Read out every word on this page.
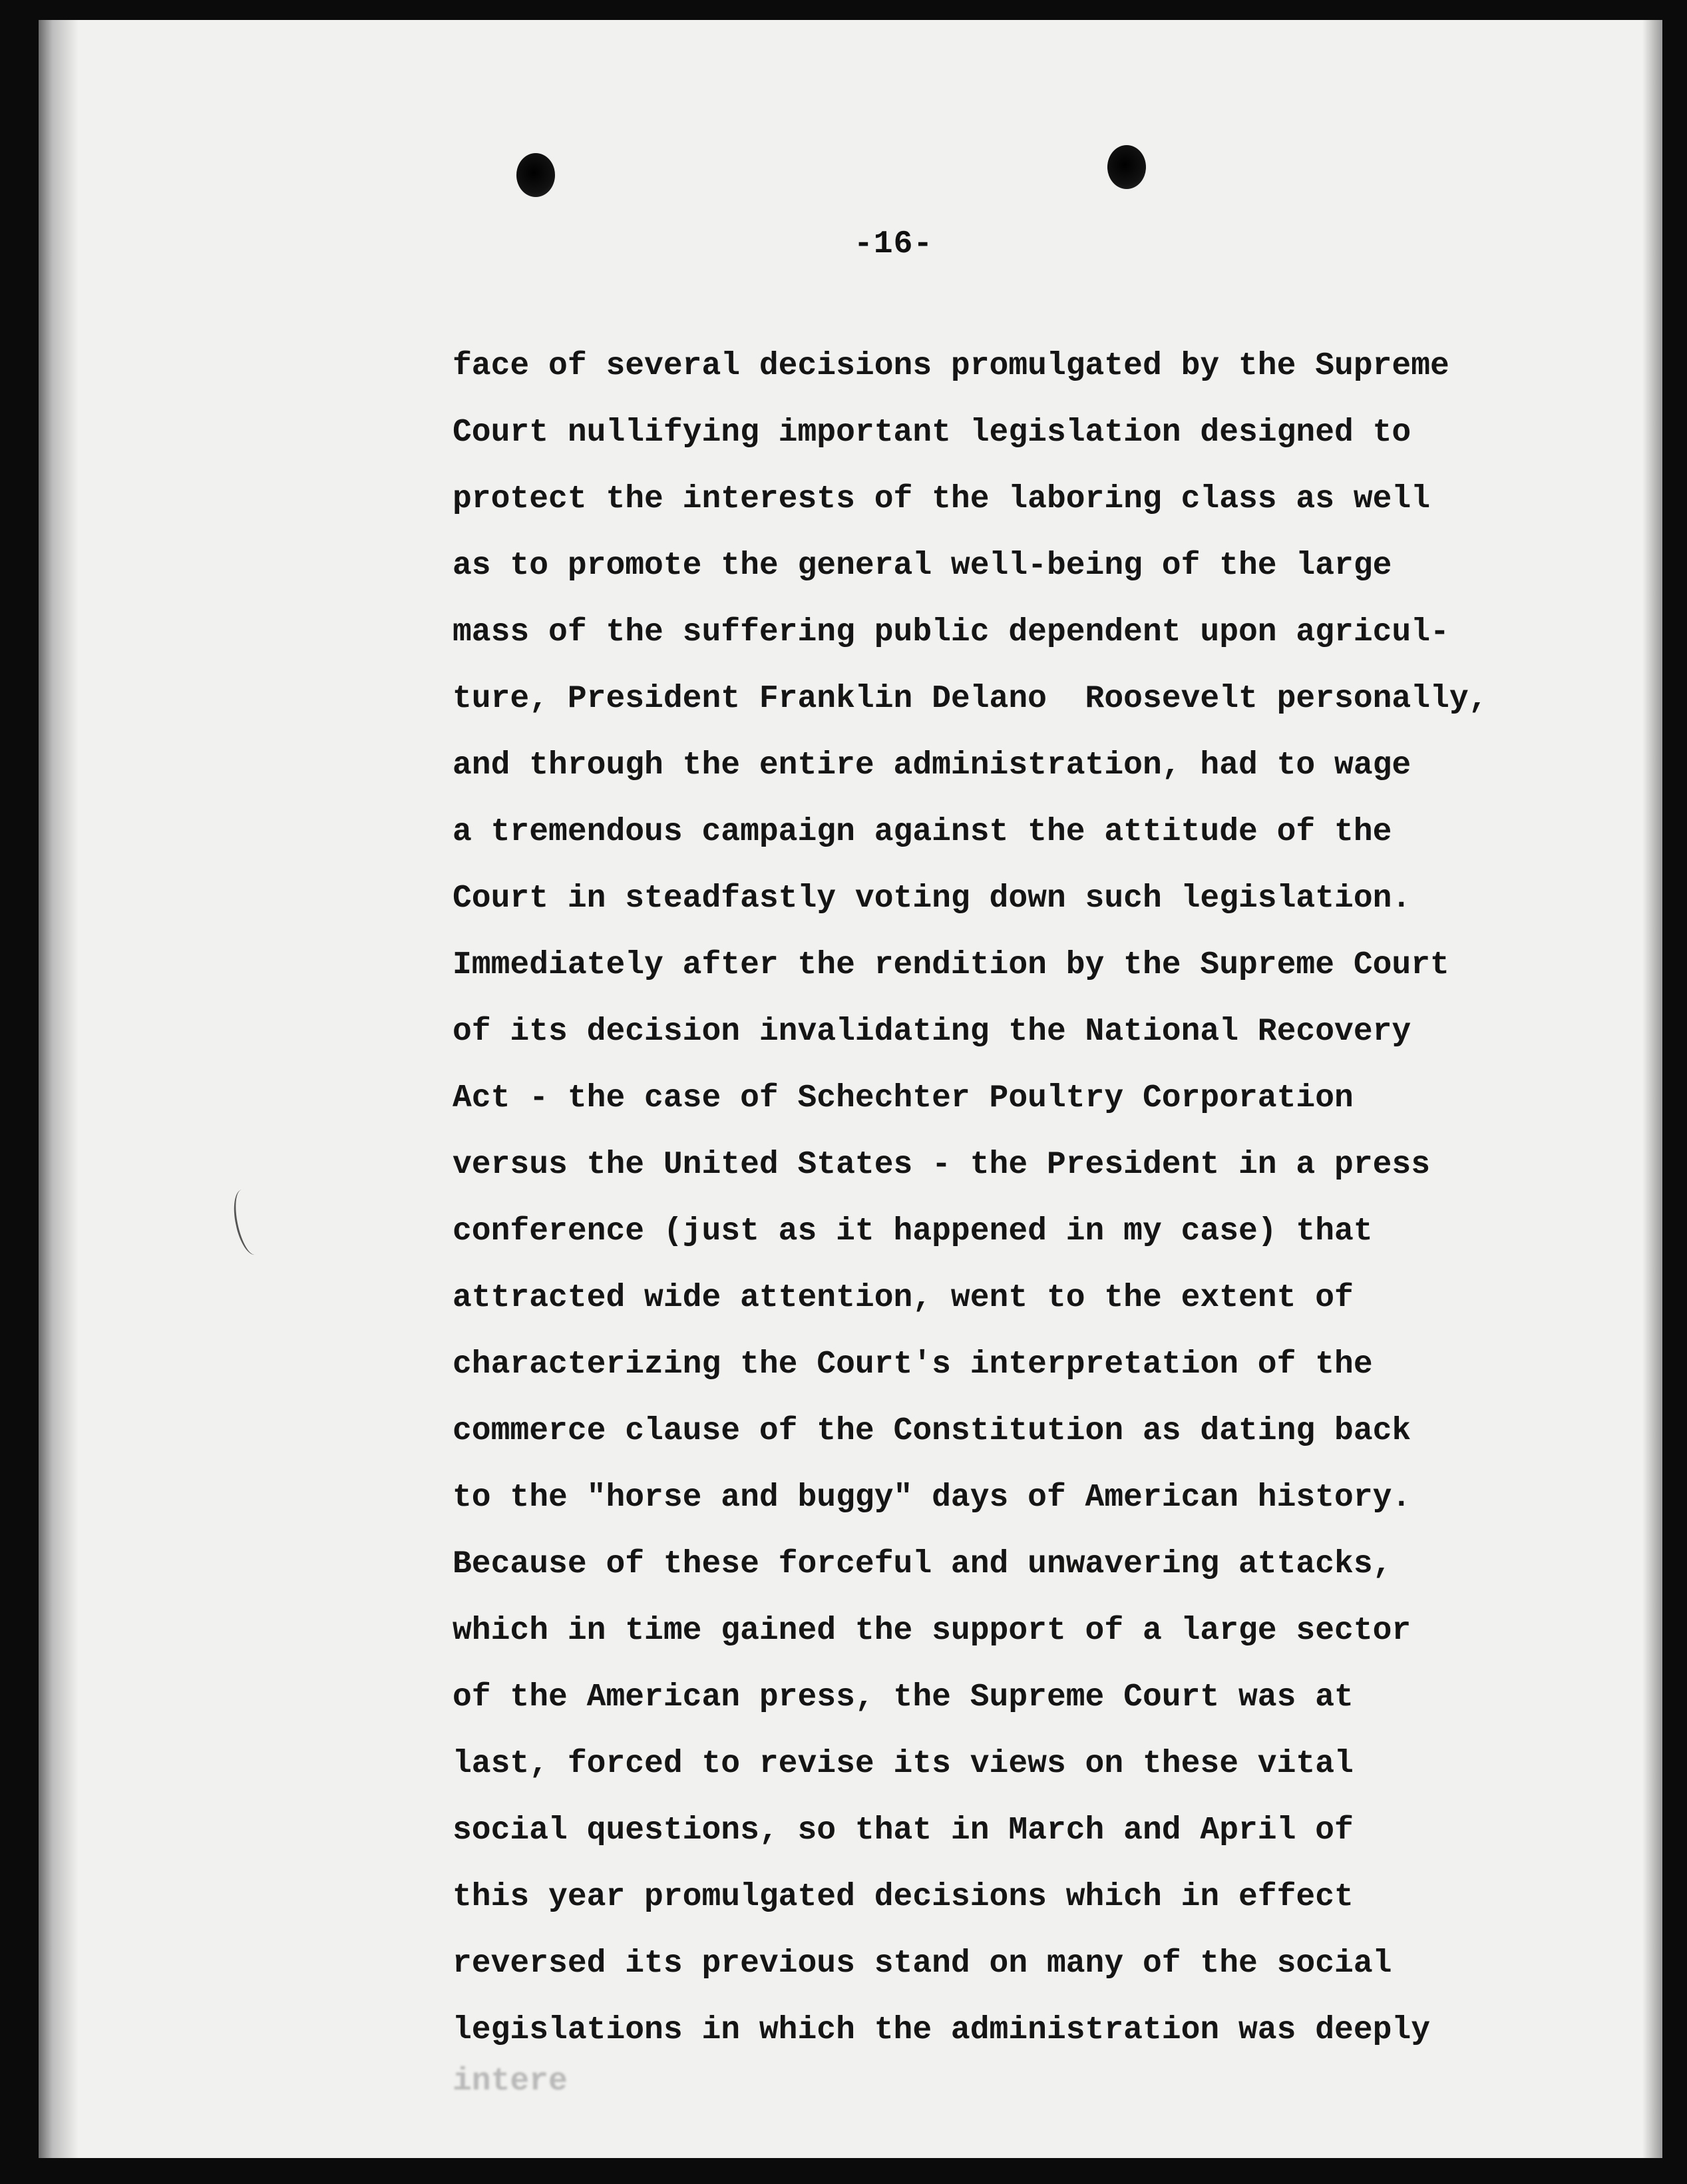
-16-
face of several decisions promulgated by the Supreme
Court nullifying important legislation designed to
protect the interests of the laboring class as well
as to promote the general well-being of the large
mass of the suffering public dependent upon agricul-
ture, President Franklin Delano  Roosevelt personally,
and through the entire administration, had to wage
a tremendous campaign against the attitude of the
Court in steadfastly voting down such legislation.
Immediately after the rendition by the Supreme Court
of its decision invalidating the National Recovery
Act - the case of Schechter Poultry Corporation
versus the United States - the President in a press
conference (just as it happened in my case) that
attracted wide attention, went to the extent of
characterizing the Court's interpretation of the
commerce clause of the Constitution as dating back
to the "horse and buggy" days of American history.
Because of these forceful and unwavering attacks,
which in time gained the support of a large sector
of the American press, the Supreme Court was at
last, forced to revise its views on these vital
social questions, so that in March and April of
this year promulgated decisions which in effect
reversed its previous stand on many of the social
legislations in which the administration was deeply
intere
